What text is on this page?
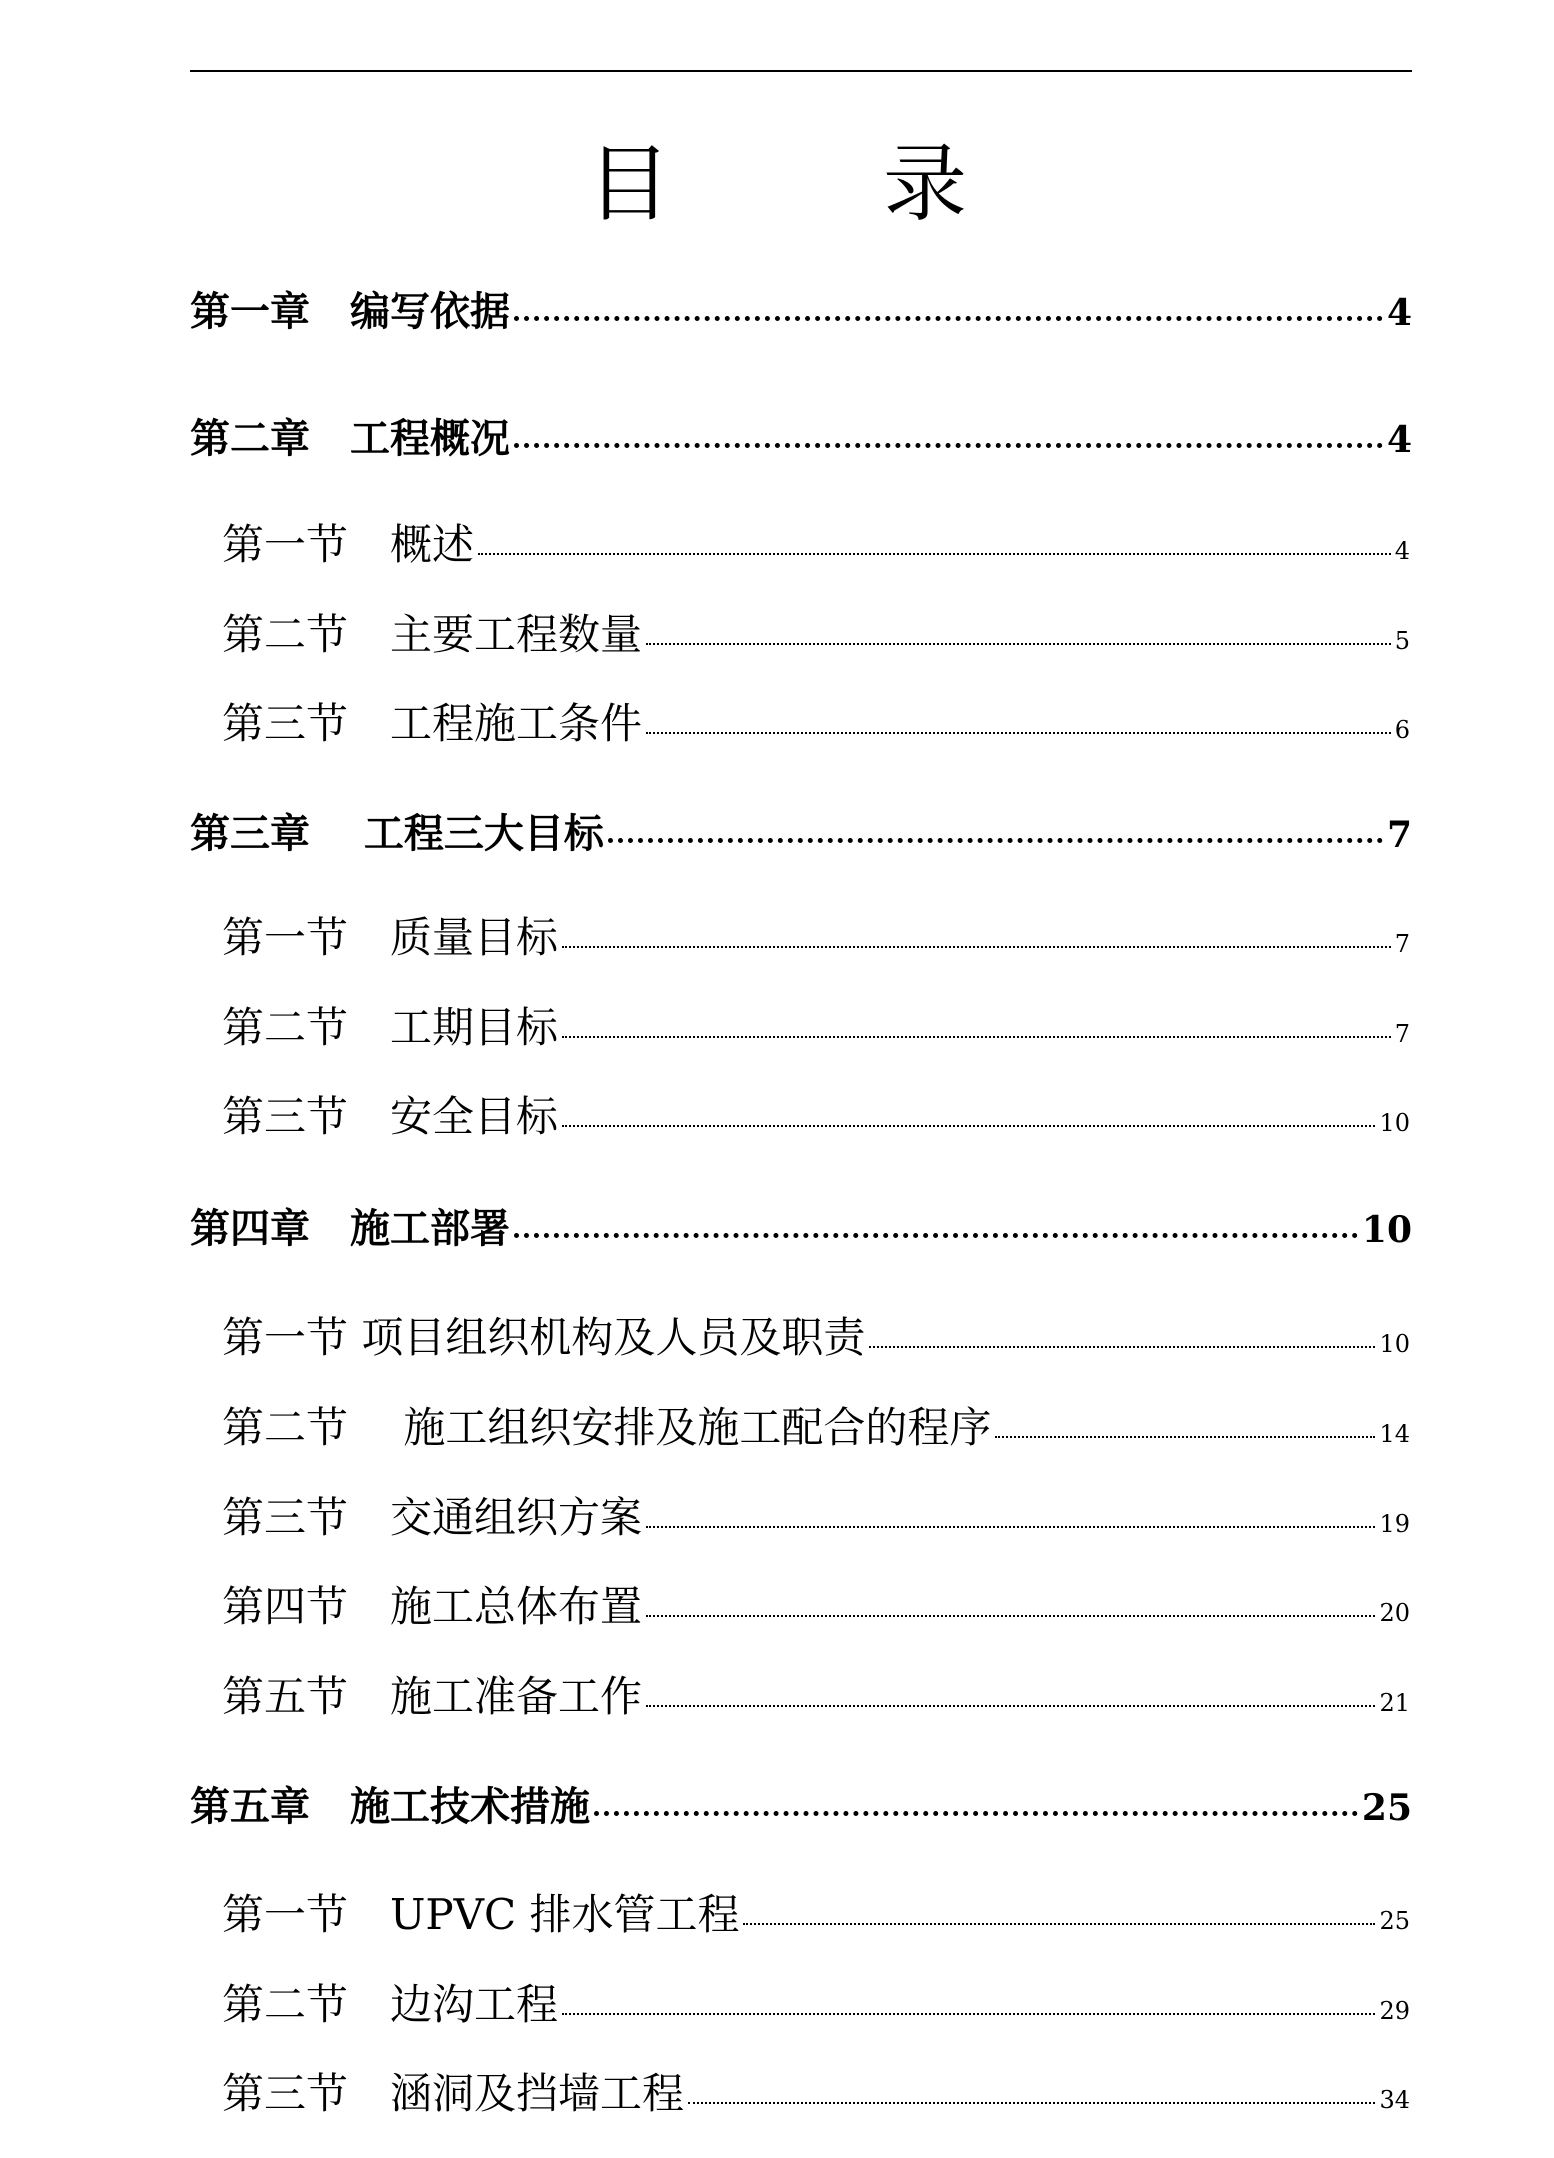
目　录
第一章　编写依据	4
第二章　工程概况	4
第一节　概述	4
第二节　主要工程数量	5
第三节　工程施工条件	6
第三章　 工程三大目标	7
第一节　质量目标	7
第二节　工期目标	7
第三节　安全目标	10
第四章　施工部署	10
第一节 项目组织机构及人员及职责	10
第二节　 施工组织安排及施工配合的程序	14
第三节　交通组织方案	19
第四节　施工总体布置	20
第五节　施工准备工作	21
第五章　施工技术措施	25
第一节　UPVC 排水管工程	25
第二节　边沟工程	29
第三节　涵洞及挡墙工程	34
